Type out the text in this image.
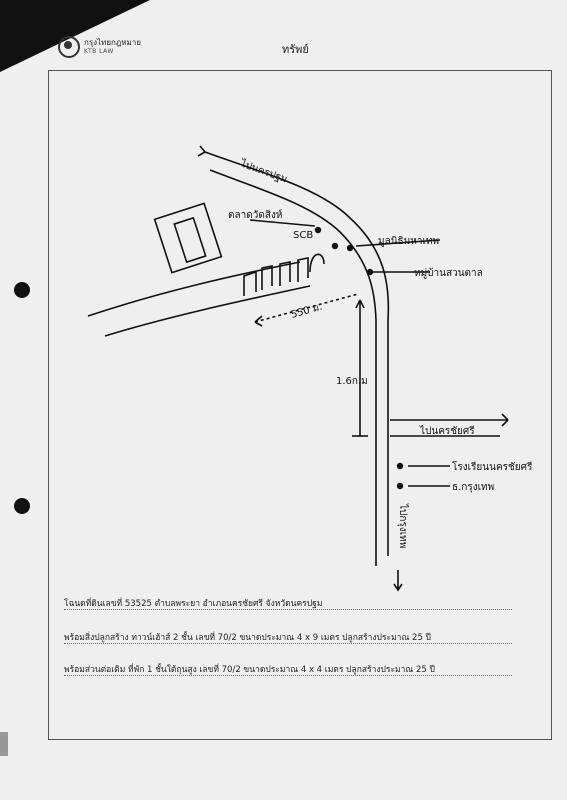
กรุงไทยกฎหมาย
KTB LAW	ทรัพย์
ไปนครปฐม
ตลาดวัดสิงห์
SCB
มูลนิธิมหาเทพ
หมู่บ้านสวนตาล
550 ม.
1.6ก.ม
ไปนครชัยศรี
โรงเรียนนครชัยศรี
ธ.กรุงเทพ
ไปกรุงเทพ
โฉนดที่ดินเลขที่ 53525 ตำบลพระยา อำเภอนครชัยศรี จังหวัดนครปฐม
พร้อมสิ่งปลูกสร้าง ทาวน์เฮ้าส์ 2 ชั้น เลขที่ 70/2 ขนาดประมาณ 4 x 9 เมตร ปลูกสร้างประมาณ 25 ปี
พร้อมส่วนต่อเติม ที่พัก 1 ชั้นใต้ถุนสูง เลขที่ 70/2 ขนาดประมาณ 4 x 4 เมตร ปลูกสร้างประมาณ 25 ปี
